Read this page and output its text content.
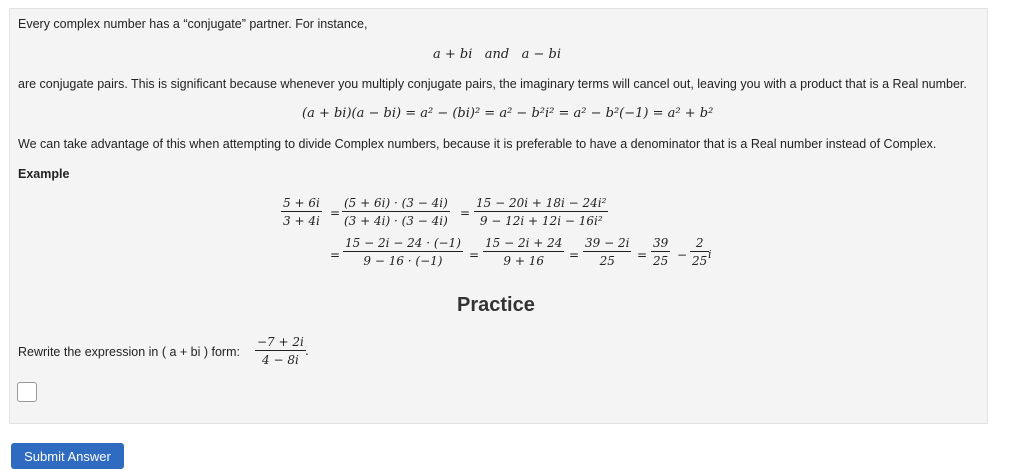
Every complex number has a “conjugate” partner. For instance,
a + bi   and   a − bi
are conjugate pairs. This is significant because whenever you multiply conjugate pairs, the imaginary terms will cancel out, leaving you with a product that is a Real number.
(a + bi)(a − bi) = a² − (bi)² = a² − b²i² = a² − b²(−1) = a² + b²
We can take advantage of this when attempting to divide Complex numbers, because it is preferable to have a denominator that is a Real number instead of Complex.
Example
$\frac{5 + 6i}{3 + 4i} = \frac{(5 + 6i) \cdot (3 - 4i)}{(3 + 4i) \cdot (3 - 4i)} = \frac{\text{15 − 20i + 18i − 24i²}}{\text{9 − 12i + 12i − 16i²}}$
= $\frac{15 - 2i - 24 \cdot (-1)}{9 - 16 \cdot (-1)} = \frac{15 - 2i + 24}{9 + 16} = \frac{39 - 2i}{25} = \frac{39}{25} - \frac{2}{25}$
i
Practice
Rewrite the expression in ( a + bi ) form: $\frac{-7 + 2i}{4 - 8i}$ .
Submit Answer
